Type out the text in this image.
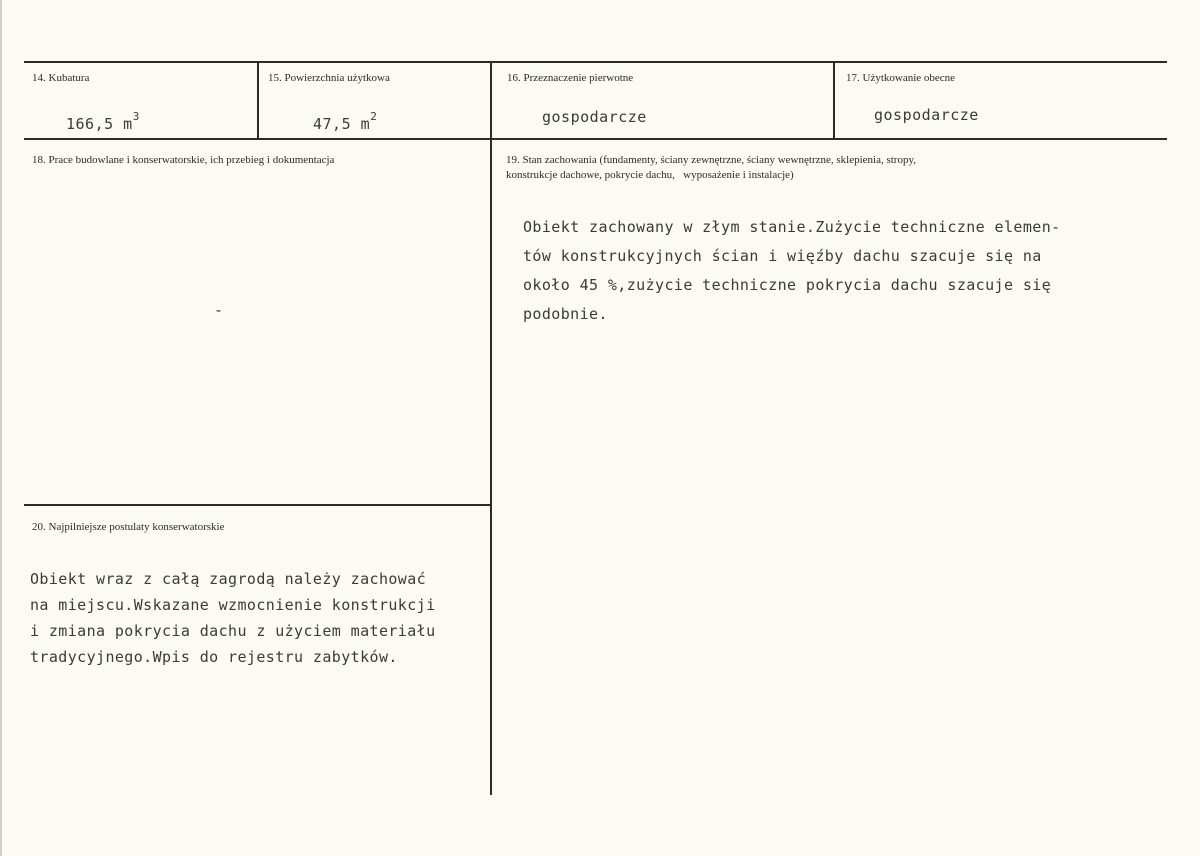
14. Kubatura
166,5 $m^3$
15. Powierzchnia użytkowa
47,5 $m^2$
16. Przeznaczenie pierwotne
gospodarcze
17. Użytkowanie obecne
gospodarcze
18. Prace budowlane i konserwatorskie, ich przebieg i dokumentacja
-
19. Stan zachowania (fundamenty, ściany zewnętrzne, ściany wewnętrzne, sklepienia, stropy,
konstrukcje dachowe, pokrycie dachu,   wyposażenie i instalacje)
Obiekt zachowany w złym stanie.Zużycie techniczne elemen-
tów konstrukcyjnych ścian i więźby dachu szacuje się na
około 45 %,zużycie techniczne pokrycia dachu szacuje się
podobnie.
20. Najpilniejsze postulaty konserwatorskie
Obiekt wraz z całą zagrodą należy zachować
na miejscu.Wskazane wzmocnienie konstrukcji
i zmiana pokrycia dachu z użyciem materiału
tradycyjnego.Wpis do rejestru zabytków.
